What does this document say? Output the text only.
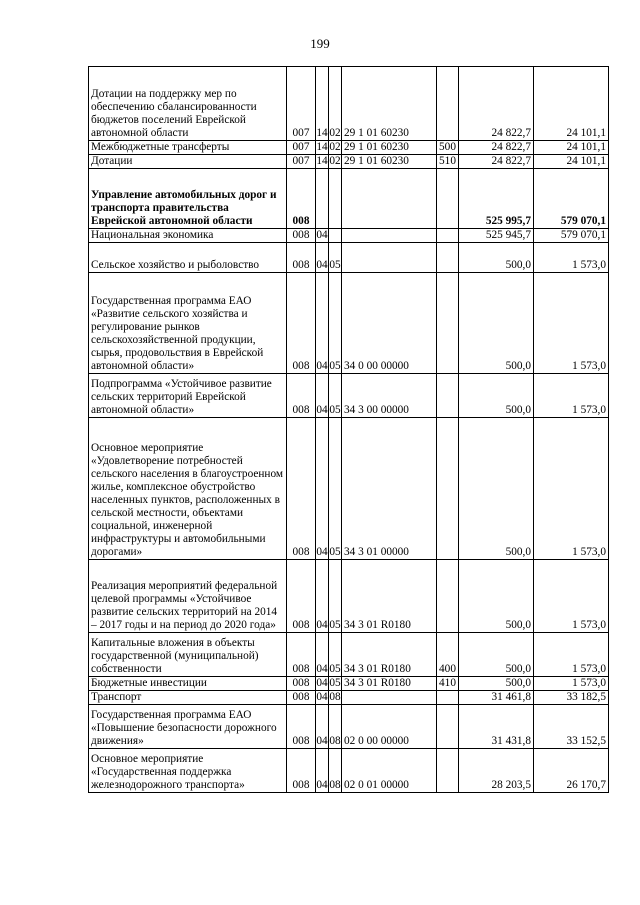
199
Дотации на поддержку мер по обеспечению сбалансированности бюджетов поселений Еврейской автономной области	007	14	02	29 1 01 60230		24 822,7	24 101,1
Межбюджетные трансферты	007	14	02	29 1 01 60230	500	24 822,7	24 101,1
Дотации	007	14	02	29 1 01 60230	510	24 822,7	24 101,1
Управление автомобильных дорог и транспорта правительства Еврейской автономной области	008					525 995,7	579 070,1
Национальная экономика	008	04				525 945,7	579 070,1
Сельское хозяйство и рыболовство	008	04	05			500,0	1 573,0
Государственная программа ЕАО «Развитие сельского хозяйства и регулирование рынков сельскохозяйственной продукции, сырья, продовольствия в Еврейской автономной области»	008	04	05	34 0 00 00000		500,0	1 573,0
Подпрограмма «Устойчивое развитие сельских территорий Еврейской автономной области»	008	04	05	34 3 00 00000		500,0	1 573,0
Основное мероприятие «Удовлетворение потребностей сельского населения в благоустроенном жилье, комплексное обустройство населенных пунктов, расположенных в сельской местности, объектами социальной, инженерной инфраструктуры и автомобильными дорогами»	008	04	05	34 3 01 00000		500,0	1 573,0
Реализация мероприятий федеральной целевой программы «Устойчивое развитие сельских территорий на 2014 – 2017 годы и на период до 2020 года»	008	04	05	34 3 01 R0180		500,0	1 573,0
Капитальные вложения в объекты государственной (муниципальной) собственности	008	04	05	34 3 01 R0180	400	500,0	1 573,0
Бюджетные инвестиции	008	04	05	34 3 01 R0180	410	500,0	1 573,0
Транспорт	008	04	08			31 461,8	33 182,5
Государственная программа ЕАО «Повышение безопасности дорожного движения»	008	04	08	02 0 00 00000		31 431,8	33 152,5
Основное мероприятие «Государственная поддержка железнодорожного транспорта»	008	04	08	02 0 01 00000		28 203,5	26 170,7
